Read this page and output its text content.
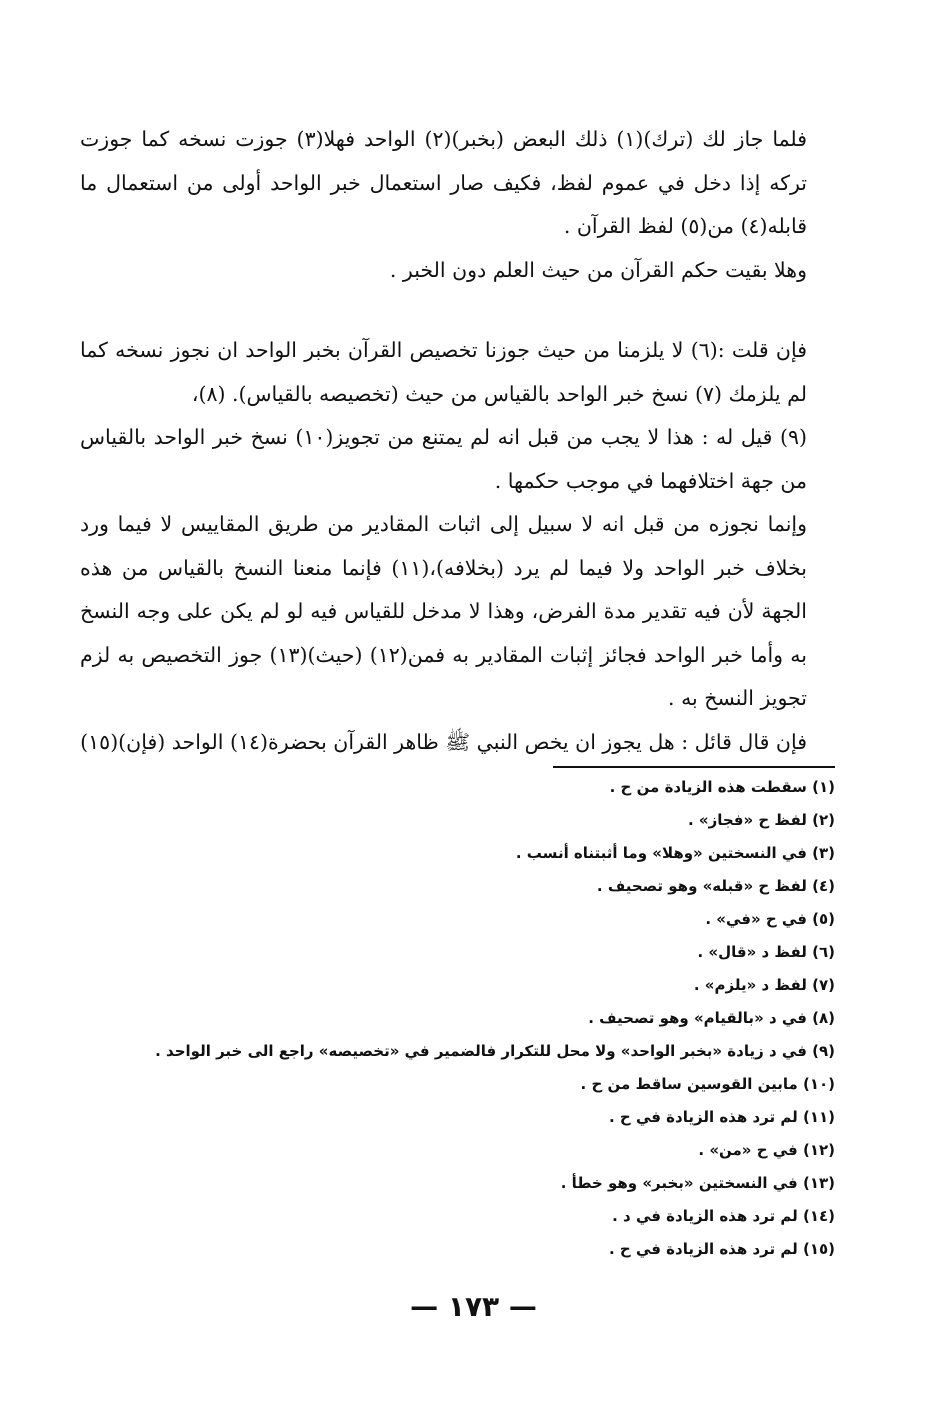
فلما جاز لك (ترك)(١) ذلك البعض (بخبر)(٢) الواحد فهلا(٣) جوزت نسخه كما جوزت تركه إذا دخل في عموم لفظ، فكيف صار استعمال خبر الواحد أولى من استعمال ما قابله(٤) من(٥) لفظ القرآن .

وهلا بقيت حكم القرآن من حيث العلم دون الخبر .

فإن قلت :(٦) لا يلزمنا من حيث جوزنا تخصيص القرآن بخبر الواحد ان نجوز نسخه كما لم يلزمك (٧) نسخ خبر الواحد بالقياس من حيث (تخصيصه بالقياس). (٨)،

(٩) قيل له : هذا لا يجب من قبل انه لم يمتنع من تجويز(١٠) نسخ خبر الواحد بالقياس من جهة اختلافهما في موجب حكمها .

وإنما نجوزه من قبل انه لا سبيل إلى اثبات المقادير من طريق المقاييس لا فيما ورد بخلاف خبر الواحد ولا فيما لم يرد (بخلافه)،(١١) فإنما منعنا النسخ بالقياس من هذه الجهة لأن فيه تقدير مدة الفرض، وهذا لا مدخل للقياس فيه لو لم يكن على وجه النسخ به وأما خبر الواحد فجائز إثبات المقادير به فمن(١٢) (حيث)(١٣) جوز التخصيص به لزم تجويز النسخ به .

فإن قال قائل : هل يجوز ان يخص النبي ﷺ ظاهر القرآن بحضرة(١٤) الواحد (فإن)(١٥)

(١) سقطت هذه الزيادة من ح .
(٢) لفظ ح «فجاز» .
(٣) في النسختين «وهلا» وما أثبتناه أنسب .
(٤) لفظ ح «قبله» وهو تصحيف .
(٥) في ح «في» .
(٦) لفظ د «قال» .
(٧) لفظ د «يلزم» .
(٨) في د «بالقيام» وهو تصحيف .
(٩) في د زيادة «بخبر الواحد» ولا محل للتكرار فالضمير في «تخصيصه» راجع الى خبر الواحد .
(١٠) مابين القوسين ساقط من ح .
(١١) لم ترد هذه الزيادة في ح .
(١٢) في ح «من» .
(١٣) في النسختين «بخبر» وهو خطأ .
(١٤) لم ترد هذه الزيادة في د .
(١٥) لم ترد هذه الزيادة في ح .
— ١٧٣ —
